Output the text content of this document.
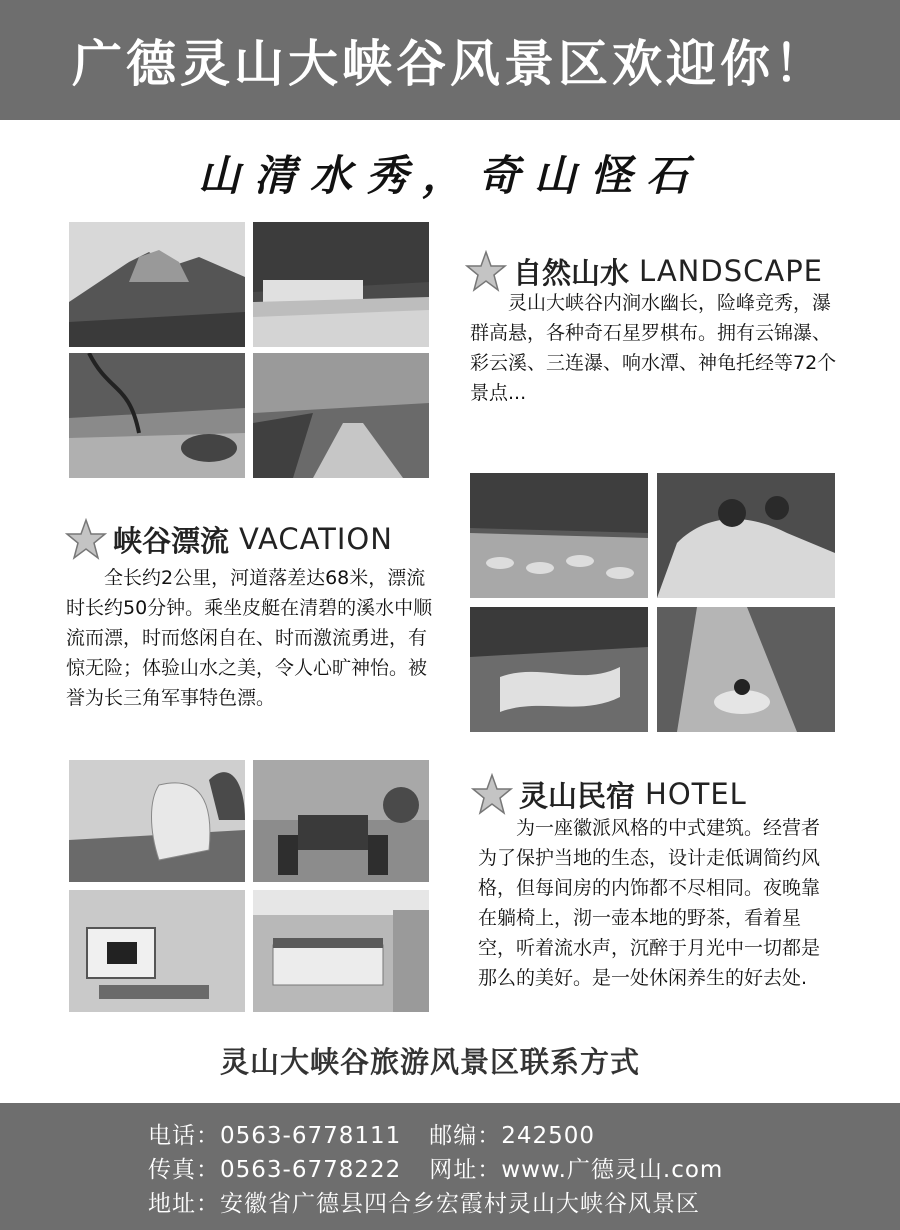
广德灵山大峡谷风景区欢迎你！
山清水秀，奇山怪石
自然山水 LANDSCAPE
灵山大峡谷内涧水幽长，险峰竞秀，瀑群高悬，各种奇石星罗棋布。拥有云锦瀑、彩云溪、三连瀑、响水潭、神龟托经等72个景点...
峡谷漂流 VACATION
全长约2公里，河道落差达68米，漂流时长约50分钟。乘坐皮艇在清碧的溪水中顺流而漂，时而悠闲自在、时而激流勇进，有惊无险；体验山水之美，令人心旷神怡。被誉为长三角军事特色漂。
灵山民宿 HOTEL
为一座徽派风格的中式建筑。经营者为了保护当地的生态，设计走低调简约风格，但每间房的内饰都不尽相同。夜晚靠在躺椅上，沏一壶本地的野茶，看着星空，听着流水声，沉醉于月光中一切都是那么的美好。是一处休闲养生的好去处.
灵山大峡谷旅游风景区联系方式
电话：0563-6778111 邮编：242500
传真：0563-6778222 网址：www.广德灵山.com
地址：安徽省广德县四合乡宏霞村灵山大峡谷风景区
